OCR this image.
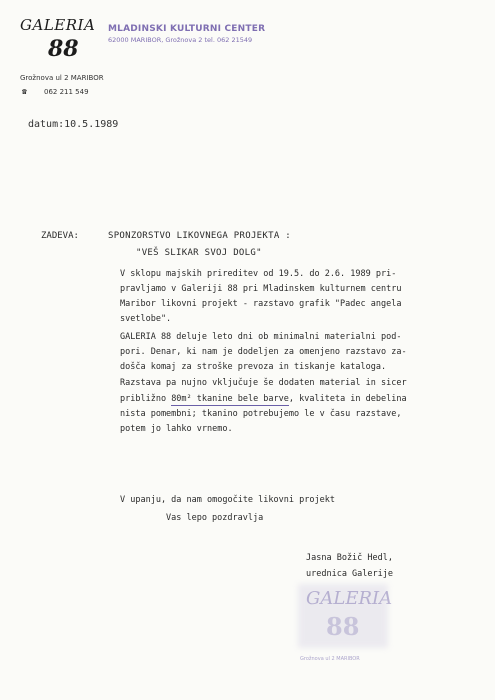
GALERIA
88
Grožnova ul 2 MARIBOR
☎ 062 211 549
MLADINSKI KULTURNI CENTER
62000 MARIBOR, Grožnova 2 tel. 062 21549
datum:10.5.1989
ZADEVA:	SPONZORSTVO LIKOVNEGA PROJEKTA :
"VEŠ SLIKAR SVOJ DOLG"
V sklopu majskih prireditev od 19.5. do 2.6. 1989 pri-
pravljamo v Galeriji 88 pri Mladinskem kulturnem centru
Maribor likovni projekt - razstavo grafik "Padec angela
svetlobe".
GALERIA 88 deluje leto dni ob minimalni materialni pod-
pori. Denar, ki nam je dodeljen za omenjeno razstavo za-
došča komaj za stroške prevoza in tiskanje kataloga.
Razstava pa nujno vključuje še dodaten material in sicer
približno 80m² tkanine bele barve, kvaliteta in debelina
nista pomembni; tkanino potrebujemo le v času razstave,
potem jo lahko vrnemo.
V upanju, da nam omogočite likovni projekt
Vas lepo pozdravlja
Jasna Božič Hedl,
urednica Galerije
GALERIA
88
Grožnova ul 2 MARIBOR
